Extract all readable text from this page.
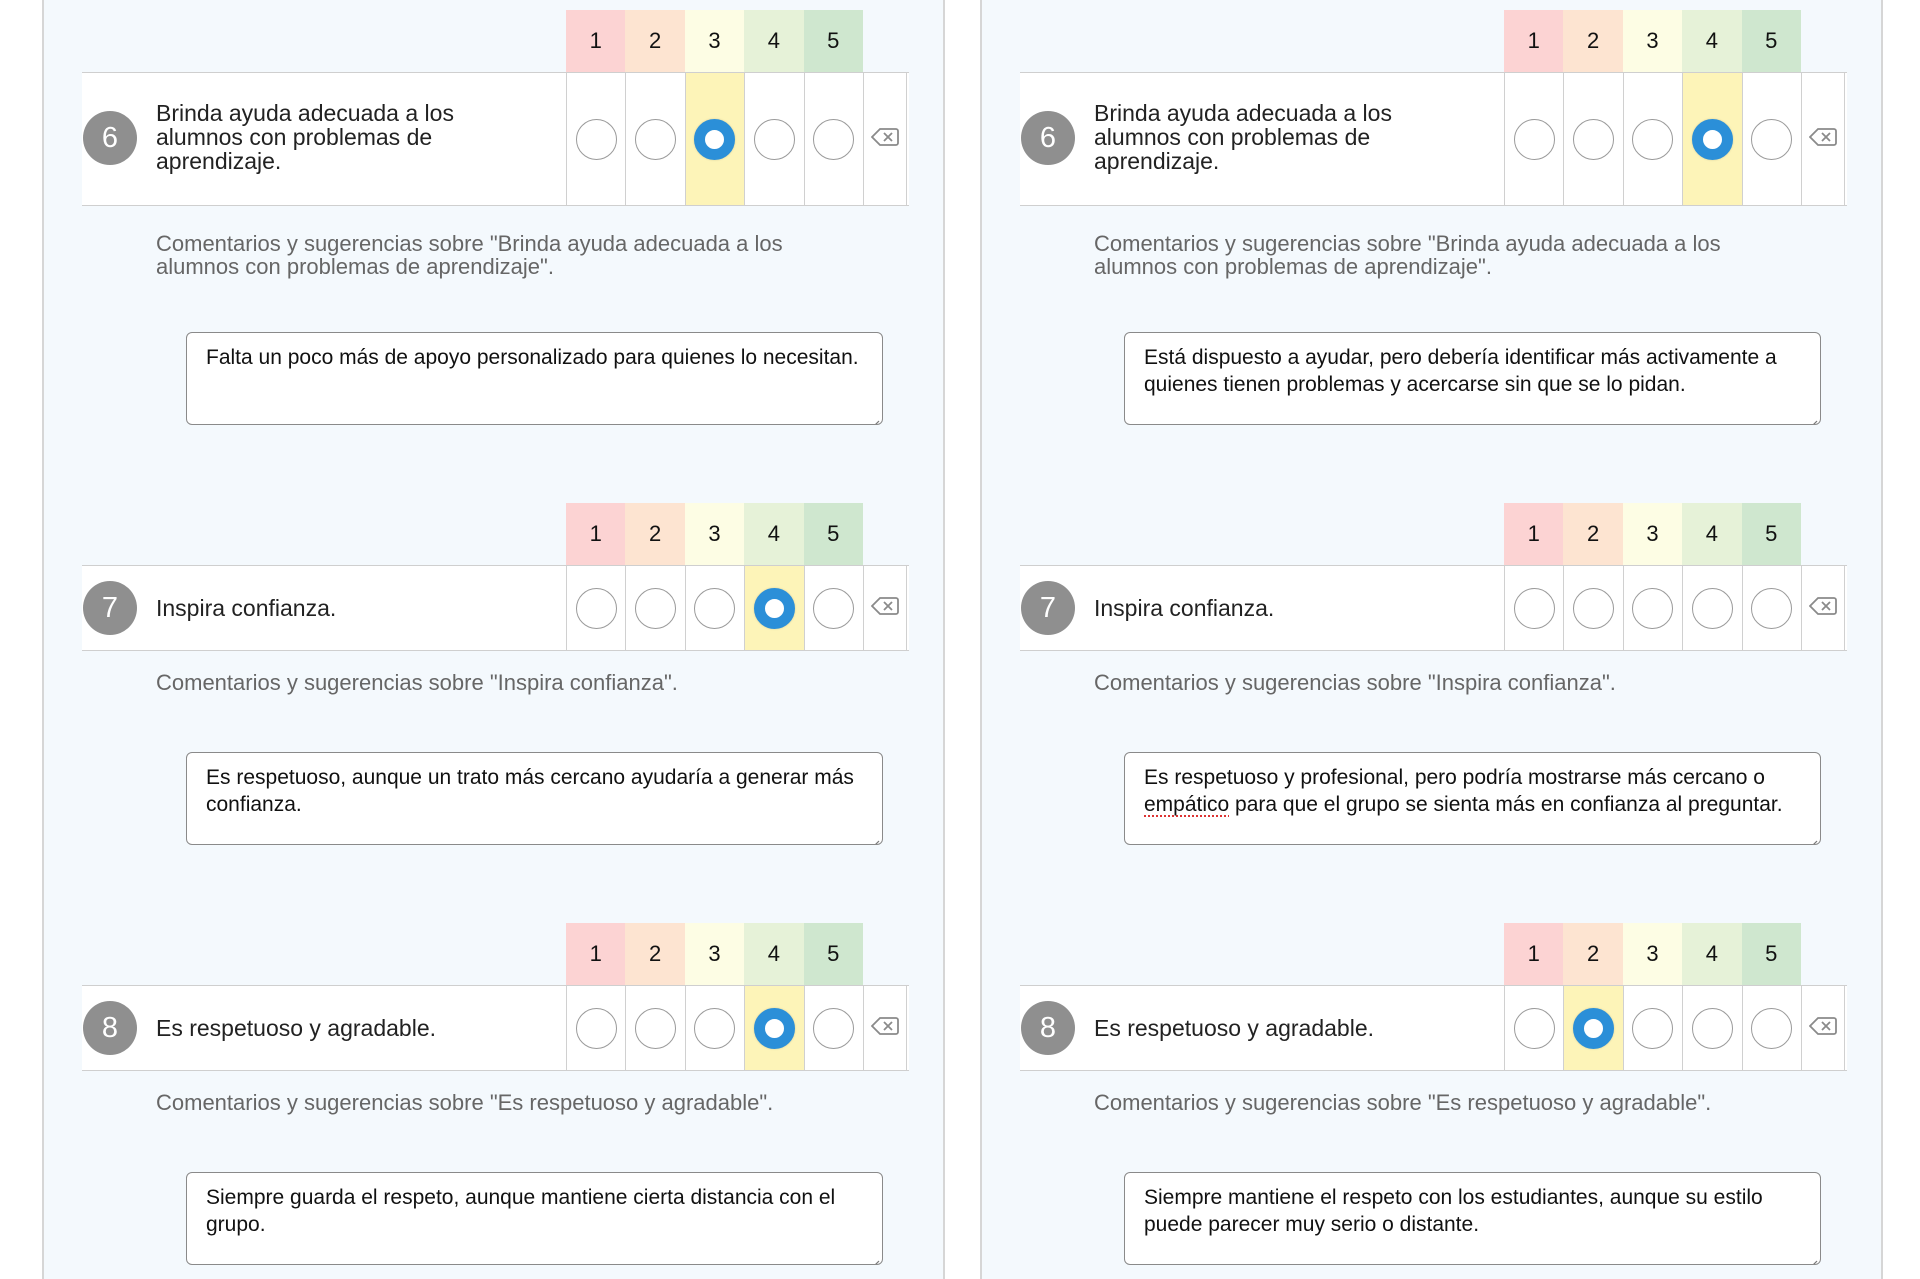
1	2	3	4	5
6
Brinda ayuda adecuada a los alumnos con problemas de aprendizaje.
Comentarios y sugerencias sobre "Brinda ayuda adecuada a los alumnos con problemas de aprendizaje".
Falta un poco más de apoyo personalizado para quienes lo necesitan.
1	2	3	4	5
7	Inspira confianza.
Comentarios y sugerencias sobre "Inspira confianza".
Es respetuoso, aunque un trato más cercano ayudaría a generar más confianza.
1	2	3	4	5
8	Es respetuoso y agradable.
Comentarios y sugerencias sobre "Es respetuoso y agradable".
Siempre guarda el respeto, aunque mantiene cierta distancia con el grupo.
1	2	3	4	5
6
Brinda ayuda adecuada a los alumnos con problemas de aprendizaje.
Comentarios y sugerencias sobre "Brinda ayuda adecuada a los alumnos con problemas de aprendizaje".
Está dispuesto a ayudar, pero debería identificar más activamente a quienes tienen problemas y acercarse sin que se lo pidan.
1	2	3	4	5
7	Inspira confianza.
Comentarios y sugerencias sobre "Inspira confianza".
Es respetuoso y profesional, pero podría mostrarse más cercano o empático para que el grupo se sienta más en confianza al preguntar.
1	2	3	4	5
8	Es respetuoso y agradable.
Comentarios y sugerencias sobre "Es respetuoso y agradable".
Siempre mantiene el respeto con los estudiantes, aunque su estilo puede parecer muy serio o distante.
